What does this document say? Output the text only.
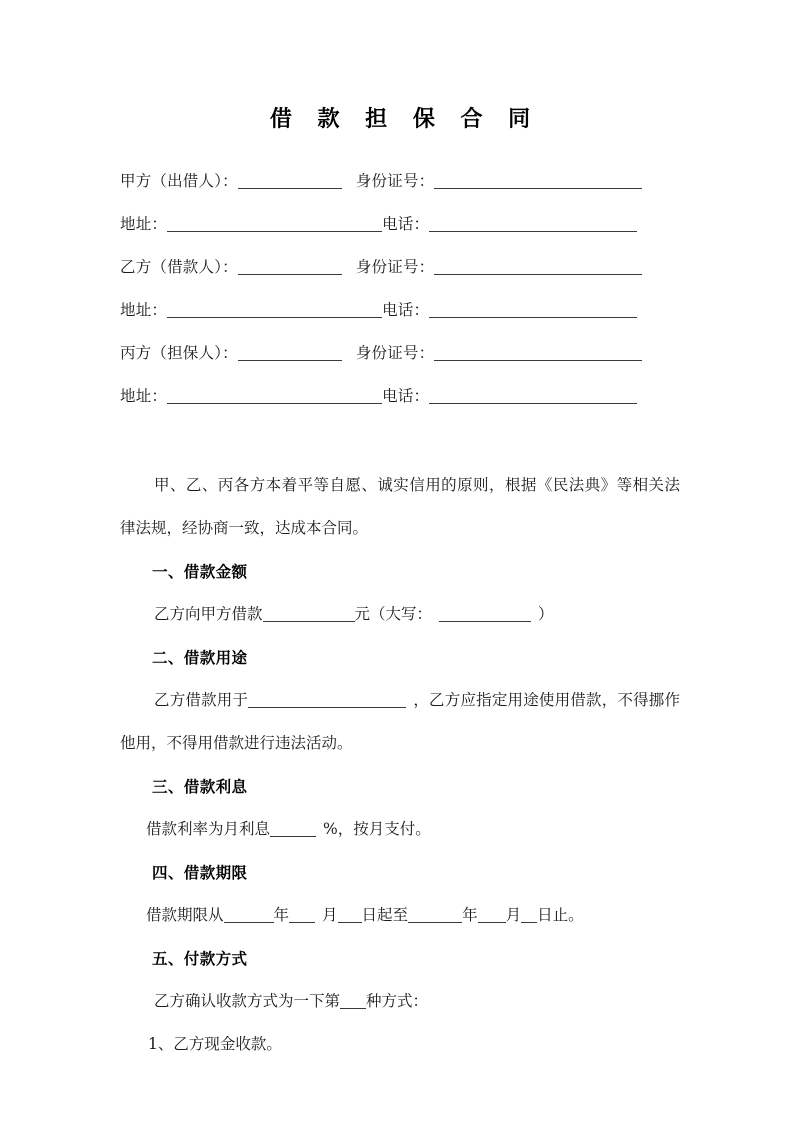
借 款 担 保 合 同
甲方（出借人）：	身份证号：
地址：	电话：
乙方（借款人）：	身份证号：
地址：	电话：
丙方（担保人）：	身份证号：
地址：	电话：

甲、乙、丙各方本着平等自愿、诚实信用的原则，根据《民法典》等相关法律法规，经协商一致，达成本合同。

一、借款金额

乙方向甲方借款	元（大写：	）

二、借款用途

乙方借款用于	，乙方应指定用途使用借款，不得挪作他用，不得用借款进行违法活动。

三、借款利息

借款利率为月利息	%，按月支付。

四、借款期限

借款期限从	年 月 日起至	年 月 日止。

五、付款方式

乙方确认收款方式为一下第 种方式：

1、乙方现金收款。
